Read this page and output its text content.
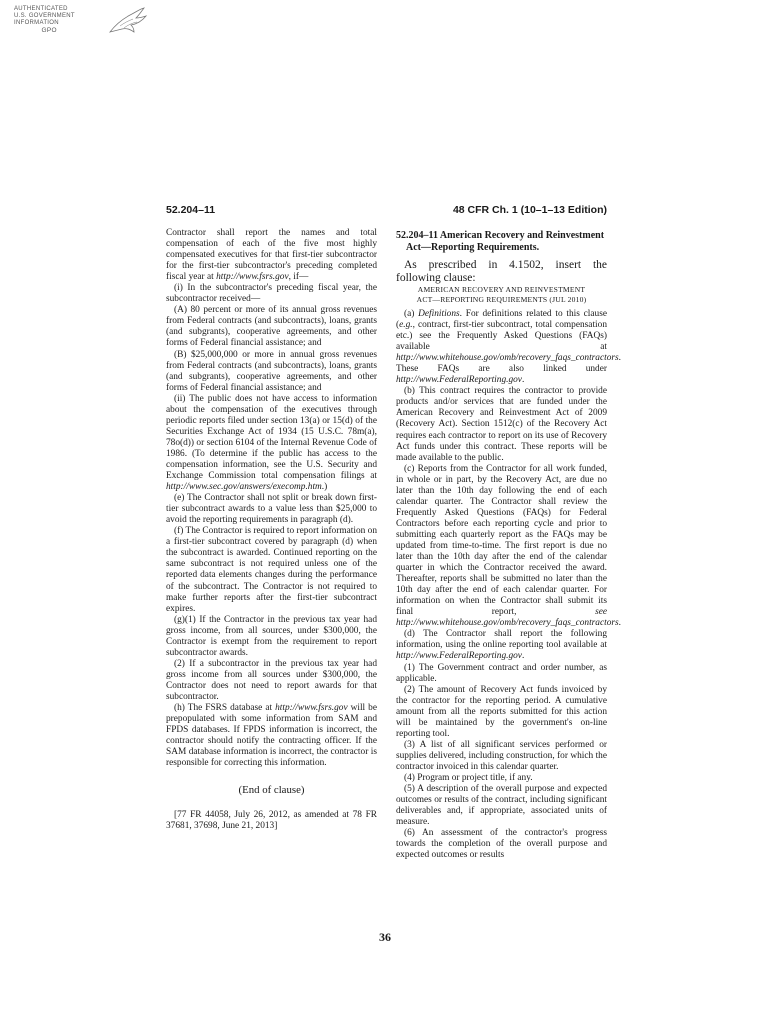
AUTHENTICATED
U.S. GOVERNMENT
INFORMATION
GPO
52.204–11	48 CFR Ch. 1 (10–1–13 Edition)

Contractor shall report the names and total compensation of each of the five most highly compensated executives for that first-tier subcontractor for the first-tier subcontractor's preceding completed fiscal year at http://www.fsrs.gov, if—

(i) In the subcontractor's preceding fiscal year, the subcontractor received—

(A) 80 percent or more of its annual gross revenues from Federal contracts (and subcontracts), loans, grants (and subgrants), cooperative agreements, and other forms of Federal financial assistance; and

(B) $25,000,000 or more in annual gross revenues from Federal contracts (and subcontracts), loans, grants (and subgrants), cooperative agreements, and other forms of Federal financial assistance; and

(ii) The public does not have access to information about the compensation of the executives through periodic reports filed under section 13(a) or 15(d) of the Securities Exchange Act of 1934 (15 U.S.C. 78m(a), 78o(d)) or section 6104 of the Internal Revenue Code of 1986. (To determine if the public has access to the compensation information, see the U.S. Security and Exchange Commission total compensation filings at http://www.sec.gov/answers/execomp.htm.)

(e) The Contractor shall not split or break down first-tier subcontract awards to a value less than $25,000 to avoid the reporting requirements in paragraph (d).

(f) The Contractor is required to report information on a first-tier subcontract covered by paragraph (d) when the subcontract is awarded. Continued reporting on the same subcontract is not required unless one of the reported data elements changes during the performance of the subcontract. The Contractor is not required to make further reports after the first-tier subcontract expires.

(g)(1) If the Contractor in the previous tax year had gross income, from all sources, under $300,000, the Contractor is exempt from the requirement to report subcontractor awards.

(2) If a subcontractor in the previous tax year had gross income from all sources under $300,000, the Contractor does not need to report awards for that subcontractor.

(h) The FSRS database at http://www.fsrs.gov will be prepopulated with some information from SAM and FPDS databases. If FPDS information is incorrect, the contractor should notify the contracting officer. If the SAM database information is incorrect, the contractor is responsible for correcting this information.

(End of clause)

[77 FR 44058, July 26, 2012, as amended at 78 FR 37681, 37698, June 21, 2013]

52.204–11 American Recovery and Reinvestment Act—Reporting Requirements.

As prescribed in 4.1502, insert the following clause:

AMERICAN RECOVERY AND REINVESTMENT
ACT—REPORTING REQUIREMENTS (JUL 2010)

(a) Definitions. For definitions related to this clause (e.g., contract, first-tier subcontract, total compensation etc.) see the Frequently Asked Questions (FAQs) available at http://www.whitehouse.gov/omb/recovery_faqs_contractors. These FAQs are also linked under http://www.FederalReporting.gov.

(b) This contract requires the contractor to provide products and/or services that are funded under the American Recovery and Reinvestment Act of 2009 (Recovery Act). Section 1512(c) of the Recovery Act requires each contractor to report on its use of Recovery Act funds under this contract. These reports will be made available to the public.

(c) Reports from the Contractor for all work funded, in whole or in part, by the Recovery Act, are due no later than the 10th day following the end of each calendar quarter. The Contractor shall review the Frequently Asked Questions (FAQs) for Federal Contractors before each reporting cycle and prior to submitting each quarterly report as the FAQs may be updated from time-to-time. The first report is due no later than the 10th day after the end of the calendar quarter in which the Contractor received the award. Thereafter, reports shall be submitted no later than the 10th day after the end of each calendar quarter. For information on when the Contractor shall submit its final report, see http://www.whitehouse.gov/omb/recovery_faqs_contractors.

(d) The Contractor shall report the following information, using the online reporting tool available at http://www.FederalReporting.gov.

(1) The Government contract and order number, as applicable.

(2) The amount of Recovery Act funds invoiced by the contractor for the reporting period. A cumulative amount from all the reports submitted for this action will be maintained by the government's on-line reporting tool.

(3) A list of all significant services performed or supplies delivered, including construction, for which the contractor invoiced in this calendar quarter.

(4) Program or project title, if any.

(5) A description of the overall purpose and expected outcomes or results of the contract, including significant deliverables and, if appropriate, associated units of measure.

(6) An assessment of the contractor's progress towards the completion of the overall purpose and expected outcomes or results

36
